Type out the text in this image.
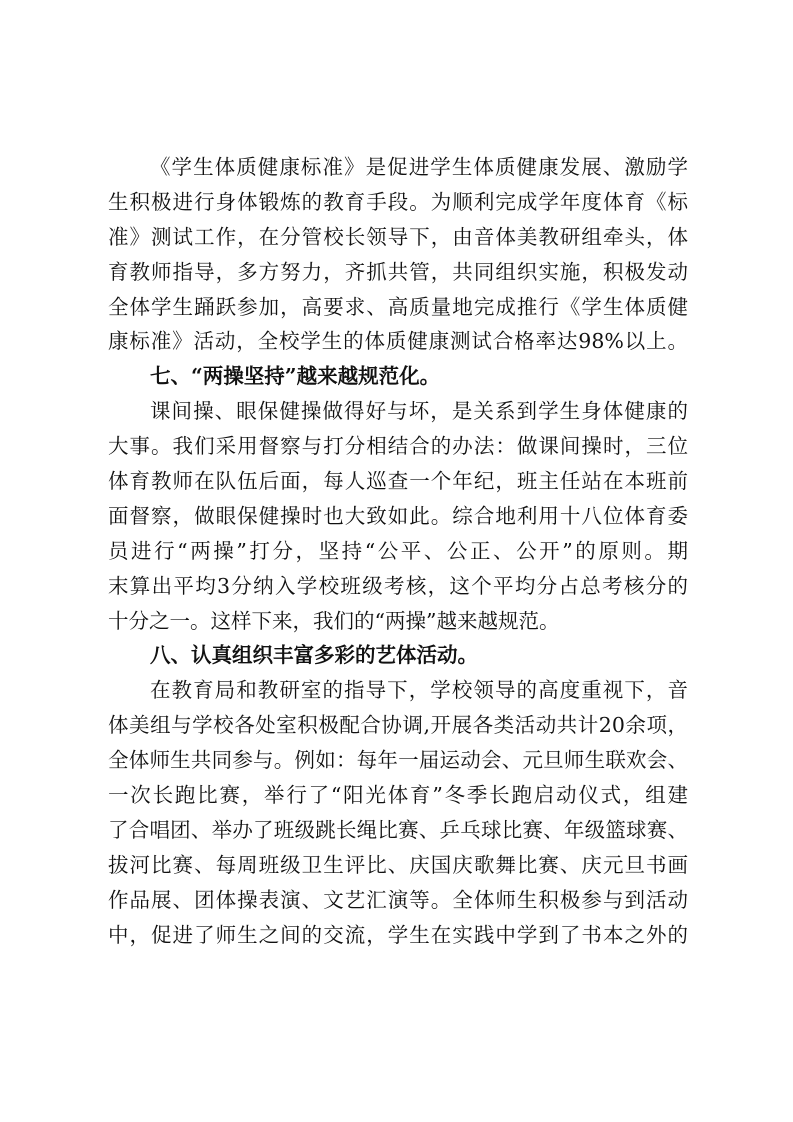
《学生体质健康标准》是促进学生体质健康发展、激励学
生积极进行身体锻炼的教育手段。为顺利完成学年度体育《标
准》测试工作，在分管校长领导下，由音体美教研组牵头，体
育教师指导，多方努力，齐抓共管，共同组织实施，积极发动
全体学生踊跃参加，高要求、高质量地完成推行《学生体质健
康标准》活动，全校学生的体质健康测试合格率达98%以上。
七、“两操坚持”越来越规范化。
课间操、眼保健操做得好与坏，是关系到学生身体健康的
大事。我们采用督察与打分相结合的办法：做课间操时，三位
体育教师在队伍后面，每人巡查一个年纪，班主任站在本班前
面督察，做眼保健操时也大致如此。综合地利用十八位体育委
员进行“两操”打分，坚持“公平、公正、公开”的原则。期
末算出平均3分纳入学校班级考核，这个平均分占总考核分的
十分之一。这样下来，我们的“两操”越来越规范。
八、认真组织丰富多彩的艺体活动。
在教育局和教研室的指导下，学校领导的高度重视下，音
体美组与学校各处室积极配合协调,开展各类活动共计20余项，
全体师生共同参与。例如：每年一届运动会、元旦师生联欢会、
一次长跑比赛，举行了“阳光体育”冬季长跑启动仪式，组建
了合唱团、举办了班级跳长绳比赛、乒乓球比赛、年级篮球赛、
拔河比赛、每周班级卫生评比、庆国庆歌舞比赛、庆元旦书画
作品展、团体操表演、文艺汇演等。全体师生积极参与到活动
中，促进了师生之间的交流，学生在实践中学到了书本之外的
